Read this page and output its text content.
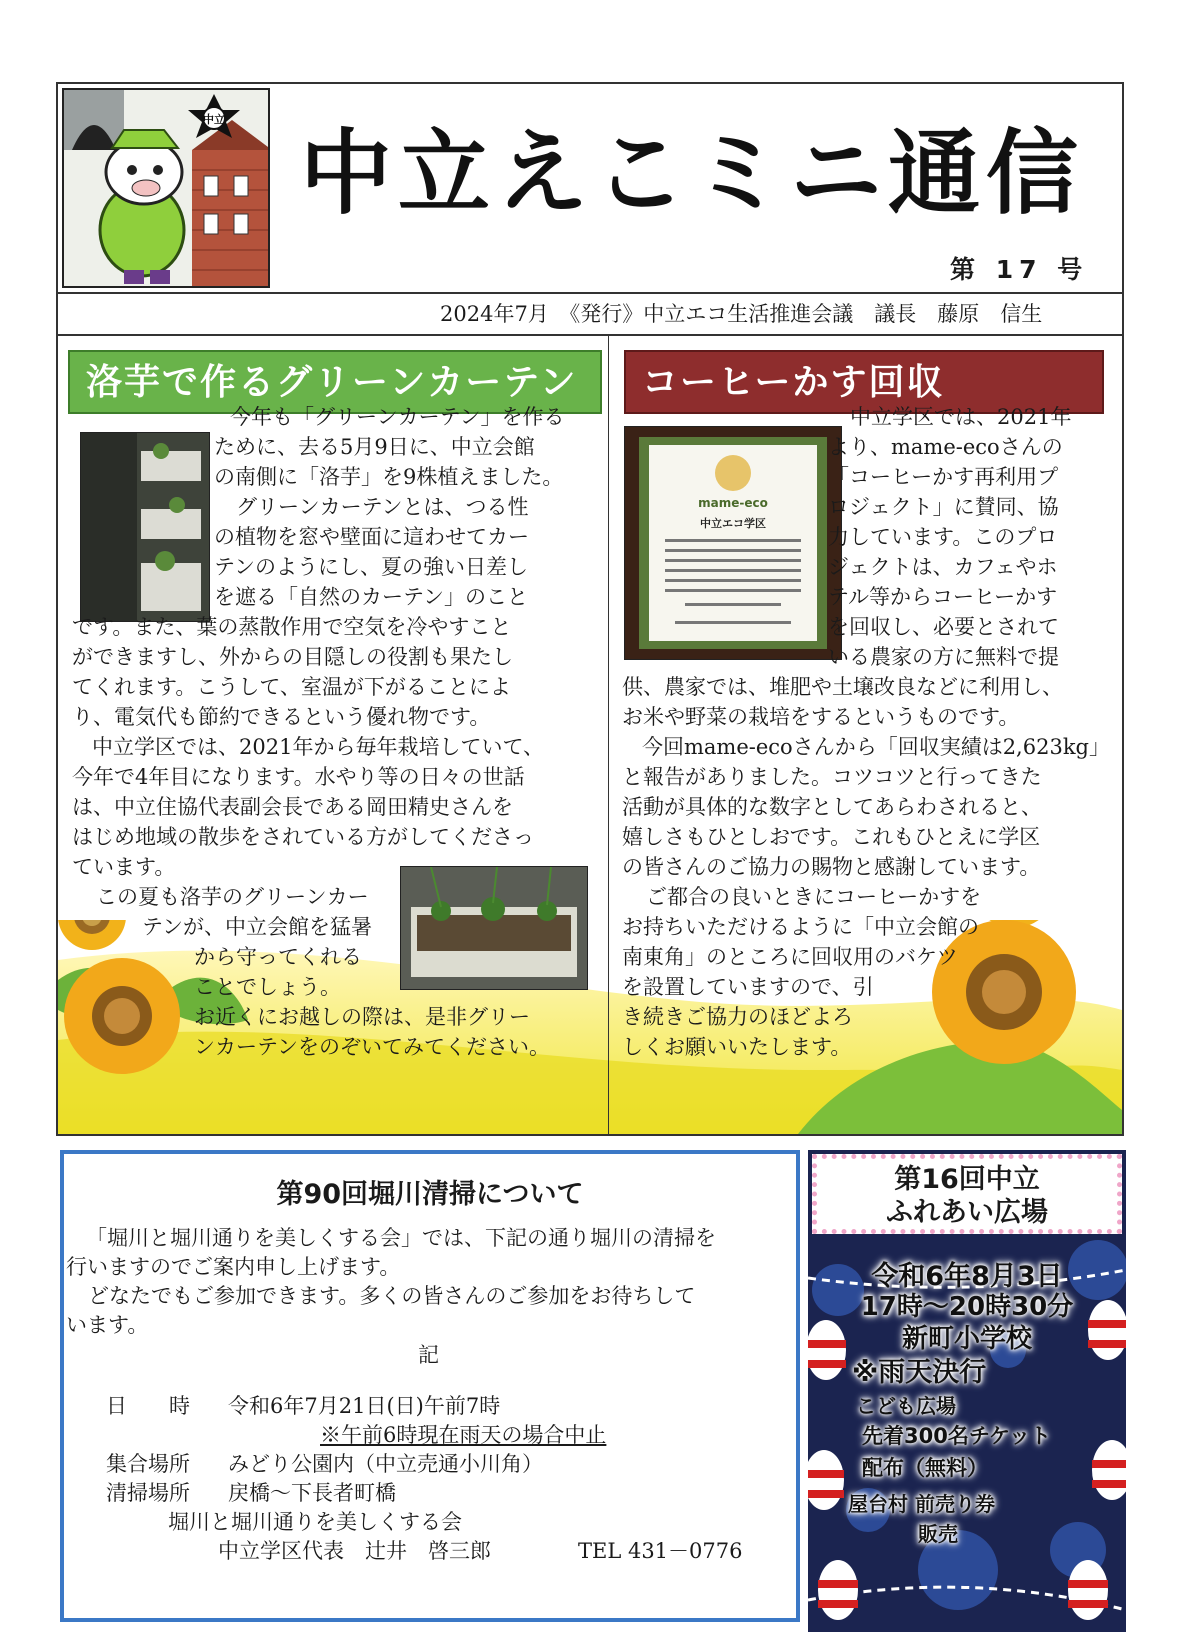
中立
中立えこミニ通信
第 17 号
2024年7月　《発行》中立エコ生活推進会議　議長　藤原　信生
洛芋で作るグリーンカーテン

今年も「グリーンカーテン」を作る

ために、去る5月9日に、中立会館

の南側に「洛芋」を9株植えました。

グリーンカーテンとは、つる性

の植物を窓や壁面に這わせてカー

テンのようにし、夏の強い日差し

を遮る「自然のカーテン」のこと

です。また、葉の蒸散作用で空気を冷やすこと

ができますし、外からの目隠しの役割も果たし

てくれます。こうして、室温が下がることによ

り、電気代も節約できるという優れ物です。

中立学区では、2021年から毎年栽培していて、

今年で4年目になります。水やり等の日々の世話

は、中立住協代表副会長である岡田精史さんを

はじめ地域の散歩をされている方がしてくださっ

ています。

この夏も洛芋のグリーンカー

テンが、中立会館を猛暑

から守ってくれる

ことでしょう。

お近くにお越しの際は、是非グリー

ンカーテンをのぞいてみてください。

コーヒーかす回収
mame-eco
中立エコ学区

中立学区では、2021年

より、mame-ecoさんの

「コーヒーかす再利用プ

ロジェクト」に賛同、協

力しています。このプロ

ジェクトは、カフェやホ

テル等からコーヒーかす

を回収し、必要とされて

いる農家の方に無料で提

供、農家では、堆肥や土壌改良などに利用し、

お米や野菜の栽培をするというものです。

今回mame-ecoさんから「回収実績は2,623kg」

と報告がありました。コツコツと行ってきた

活動が具体的な数字としてあらわされると、

嬉しさもひとしおです。これもひとえに学区

の皆さんのご協力の賜物と感謝しています。

ご都合の良いときにコーヒーかすを

お持ちいただけるように「中立会館の

南東角」のところに回収用のバケツ

を設置していますので、引

き続きご協力のほどよろ

しくお願いいたします。

第90回堀川清掃について
「堀川と堀川通りを美しくする会」では、下記の通り堀川の清掃を
行いますのでご案内申し上げます。
どなたでもご参加できます。多くの皆さんのご参加をお待ちして
います。
記
日　　時 令和6年7月21日(日)午前7時
※午前6時現在雨天の場合中止
集合場所 みどり公園内（中立売通小川角）
清掃場所 戻橋～下長者町橋
堀川と堀川通りを美しくする会
中立学区代表　辻井　啓三郎	TEL 431－0776
第16回中立
ふれあい広場
令和6年8月3日
17時～20時30分
新町小学校
※雨天決行
こども広場
先着300名チケット
配布（無料）
屋台村 前売り券
販売
